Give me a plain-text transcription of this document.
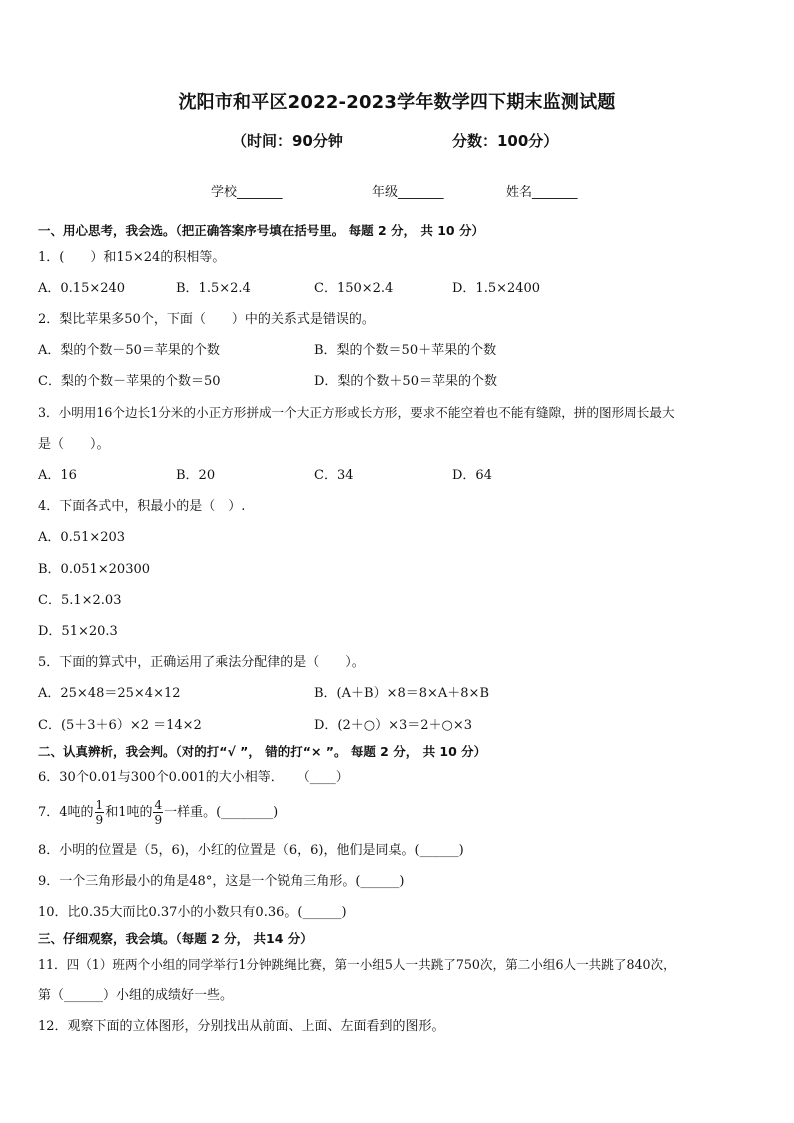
沈阳市和平区2022-2023学年数学四下期末监测试题
（时间：90分钟	分数：100分）
学校_______	年级_______	姓名_______
一、用心思考，我会选。（把正确答案序号填在括号里。 每题 2 分， 共 10 分）
1．(　　）和15×24的积相等。
A．0.15×240	B．1.5×2.4	C．150×2.4	D．1.5×2400
2．梨比苹果多50个，下面（　　）中的关系式是错误的。
A．梨的个数－50＝苹果的个数	B．梨的个数＝50＋苹果的个数
C．梨的个数－苹果的个数＝50	D．梨的个数＋50＝苹果的个数
3．小明用16个边长1分米的小正方形拼成一个大正方形或长方形，要求不能空着也不能有缝隙，拼的图形周长最大
是（　　）。
A．16	B．20	C．34	D．64
4．下面各式中，积最小的是（　）.
A．0.51×203
B．0.051×20300
C．5.1×2.03
D．51×20.3
5．下面的算式中，正确运用了乘法分配律的是（　　）。
A．25×48＝25×4×12	B．(A＋B）×8＝8×A＋8×B
C．(5＋3＋6）×2 ＝14×2	D．(2＋○）×3＝2＋○×3
二、认真辨析，我会判。（对的打“√ ”， 错的打“× ”。 每题 2 分， 共 10 分）
6．30个0.01与300个0.001的大小相等．　　（____）
7．4吨的 $\frac{1}{9}$ 和1吨的 $\frac{4}{9}$ 一样重。(________)
8．小明的位置是（5，6)，小红的位置是（6，6)，他们是同桌。(______)
9．一个三角形最小的角是48°，这是一个锐角三角形。(______)
10．比0.35大而比0.37小的小数只有0.36。(______)
三、仔细观察，我会填。（每题 2 分， 共14 分）
11．四（1）班两个小组的同学举行1分钟跳绳比赛，第一小组5人一共跳了750次，第二小组6人一共跳了840次，
第（______）小组的成绩好一些。
12．观察下面的立体图形，分别找出从前面、上面、左面看到的图形。
